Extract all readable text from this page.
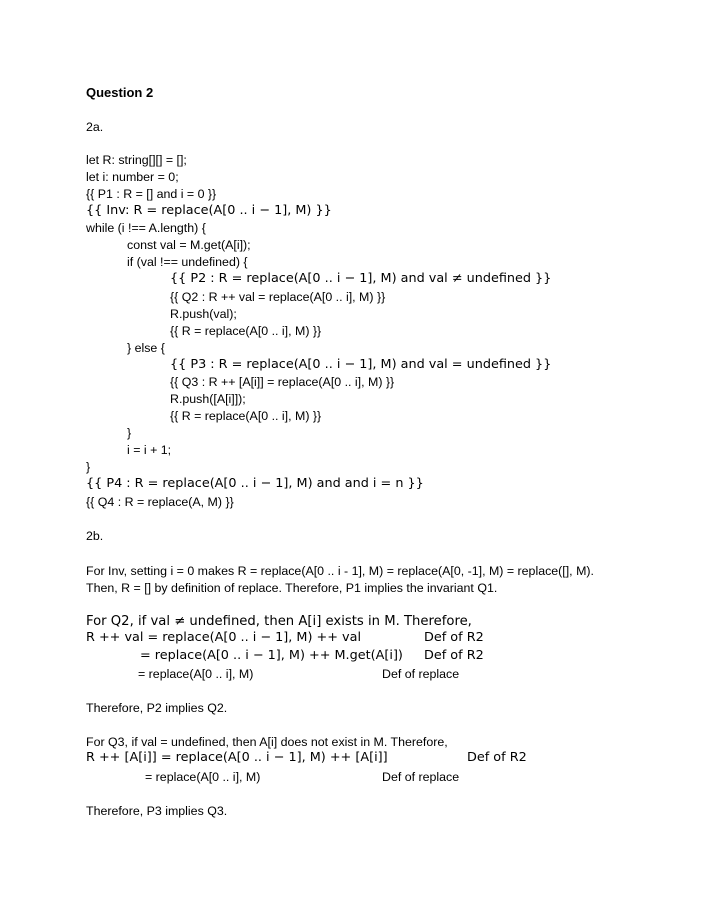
Question 2
2a.
let R: string[][] = [];
let i: number = 0;
{{ P1 : R = [] and i = 0 }}
{{ Inv: R = replace(A[0 .. i − 1], M) }}
while (i !== A.length) {
const val = M.get(A[i]);
if (val !== undefined) {
{{ P2 : R = replace(A[0 .. i − 1], M) and val ≠ undefined }}
{{ Q2 : R ++ val = replace(A[0 .. i], M) }}
R.push(val);
{{ R = replace(A[0 .. i], M) }}
} else {
{{ P3 : R = replace(A[0 .. i − 1], M) and val = undefined }}
{{ Q3 : R ++ [A[i]] = replace(A[0 .. i], M) }}
R.push([A[i]]);
{{ R = replace(A[0 .. i], M) }}
}
i = i + 1;
}
{{ P4 : R = replace(A[0 .. i − 1], M) and and i = n }}
{{ Q4 : R = replace(A, M) }}
2b.
For Inv, setting i = 0 makes R = replace(A[0 .. i - 1], M) = replace(A[0, -1], M) = replace([], M).
Then, R = [] by definition of replace. Therefore, P1 implies the invariant Q1.
For Q2, if val ≠ undefined, then A[i] exists in M. Therefore,
R ++ val = replace(A[0 .. i − 1], M) ++ val	Def of R2
= replace(A[0 .. i − 1], M) ++ M.get(A[i]) Def of R2
= replace(A[0 .. i], M)	Def of replace
Therefore, P2 implies Q2.
For Q3, if val = undefined, then A[i] does not exist in M. Therefore,
R ++ [A[i]] = replace(A[0 .. i − 1], M) ++ [A[i]]	Def of R2
= replace(A[0 .. i], M)	Def of replace
Therefore, P3 implies Q3.
